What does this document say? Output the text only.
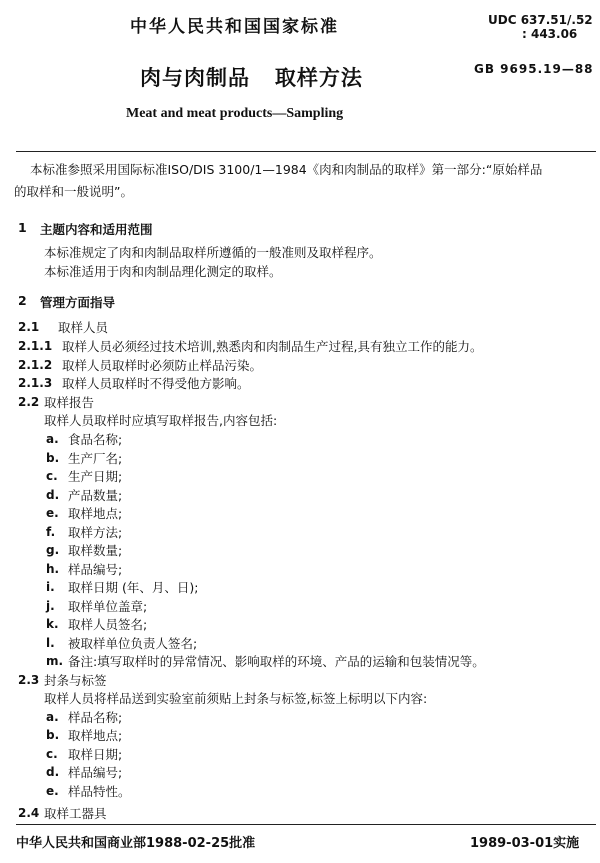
中华人民共和国国家标准	UDC 637.51/.52
: 443.06
肉与肉制品   取样方法	GB 9695.19—88
Meat and meat products—Sampling
本标准参照采用国际标准ISO/DIS 3100/1—1984《肉和肉制品的取样》第一部分:“原始样品
的取样和一般说明”。
1 主题内容和适用范围
本标准规定了肉和肉制品取样所遵循的一般准则及取样程序。
本标准适用于肉和肉制品理化测定的取样。
2 管理方面指导
2.1 取样人员
2.1.1 取样人员必须经过技术培训,熟悉肉和肉制品生产过程,具有独立工作的能力。
2.1.2 取样人员取样时必须防止样品污染。
2.1.3 取样人员取样时不得受他方影响。
2.2 取样报告
取样人员取样时应填写取样报告,内容包括:
a. 食品名称;
b. 生产厂名;
c. 生产日期;
d. 产品数量;
e. 取样地点;
f. 取样方法;
g. 取样数量;
h. 样品编号;
i. 取样日期 (年、月、日);
j. 取样单位盖章;
k. 取样人员签名;
l. 被取样单位负责人签名;
m. 备注:填写取样时的异常情况、影响取样的环境、产品的运输和包装情况等。
2.3 封条与标签
取样人员将样品送到实验室前须贴上封条与标签,标签上标明以下内容:
a. 样品名称;
b. 取样地点;
c. 取样日期;
d. 样品编号;
e. 样品特性。
2.4 取样工器具
中华人民共和国商业部1988-02-25批准	1989-03-01实施
